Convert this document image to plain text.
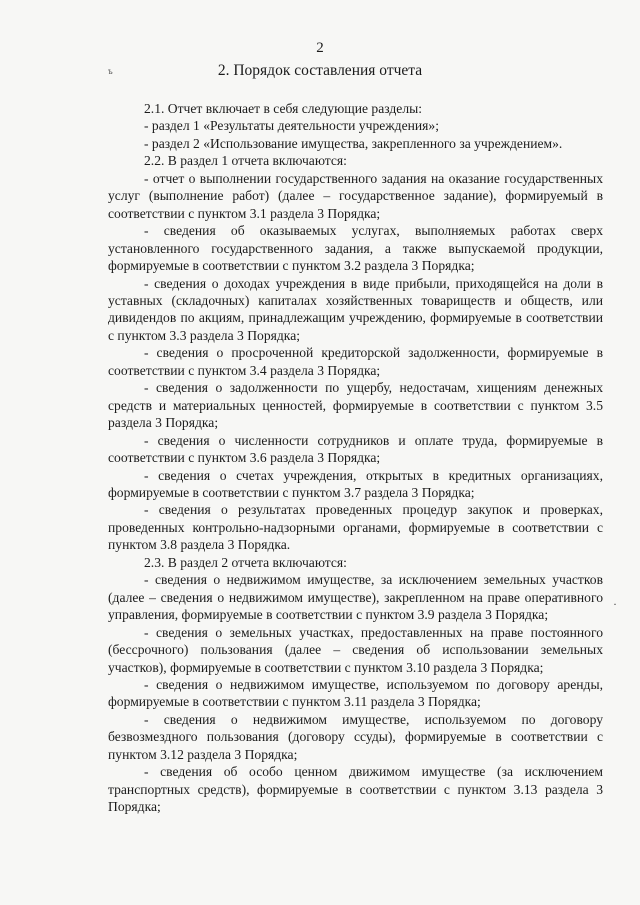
2
ъ
·
2. Порядок составления отчета

2.1. Отчет включает в себя следующие разделы:

- раздел 1 «Результаты деятельности учреждения»;

- раздел 2 «Использование имущества, закрепленного за учреждением».

2.2. В раздел 1 отчета включаются:

- отчет о выполнении государственного задания на оказание государственных услуг (выполнение работ) (далее – государственное задание), формируемый в соответствии с пунктом 3.1 раздела 3 Порядка;

- сведения об оказываемых услугах, выполняемых работах сверх установленного государственного задания, а также выпускаемой продукции, формируемые в соответствии с пунктом 3.2 раздела 3 Порядка;

- сведения о доходах учреждения в виде прибыли, приходящейся на доли в уставных (складочных) капиталах хозяйственных товариществ и обществ, или дивидендов по акциям, принадлежащим учреждению, формируемые в соответствии с пунктом 3.3 раздела 3 Порядка;

- сведения о просроченной кредиторской задолженности, формируемые в соответствии с пунктом 3.4 раздела 3 Порядка;

- сведения о задолженности по ущербу, недостачам, хищениям денежных средств и материальных ценностей, формируемые в соответствии с пунктом 3.5 раздела 3 Порядка;

- сведения о численности сотрудников и оплате труда, формируемые в соответствии с пунктом 3.6 раздела 3 Порядка;

- сведения о счетах учреждения, открытых в кредитных организациях, формируемые в соответствии с пунктом 3.7 раздела 3 Порядка;

- сведения о результатах проведенных процедур закупок и проверках, проведенных контрольно-надзорными органами, формируемые в соответствии с пунктом 3.8 раздела 3 Порядка.

2.3. В раздел 2 отчета включаются:

- сведения о недвижимом имуществе, за исключением земельных участков (далее – сведения о недвижимом имуществе), закрепленном на праве оперативного управления, формируемые в соответствии с пунктом 3.9 раздела 3 Порядка;

- сведения о земельных участках, предоставленных на праве постоянного (бессрочного) пользования (далее – сведения об использовании земельных участков), формируемые в соответствии с пунктом 3.10 раздела 3 Порядка;

- сведения о недвижимом имуществе, используемом по договору аренды, формируемые в соответствии с пунктом 3.11 раздела 3 Порядка;

- сведения о недвижимом имуществе, используемом по договору безвозмездного пользования (договору ссуды), формируемые в соответствии с пунктом 3.12 раздела 3 Порядка;

- сведения об особо ценном движимом имуществе (за исключением транспортных средств), формируемые в соответствии с пунктом 3.13 раздела 3 Порядка;
